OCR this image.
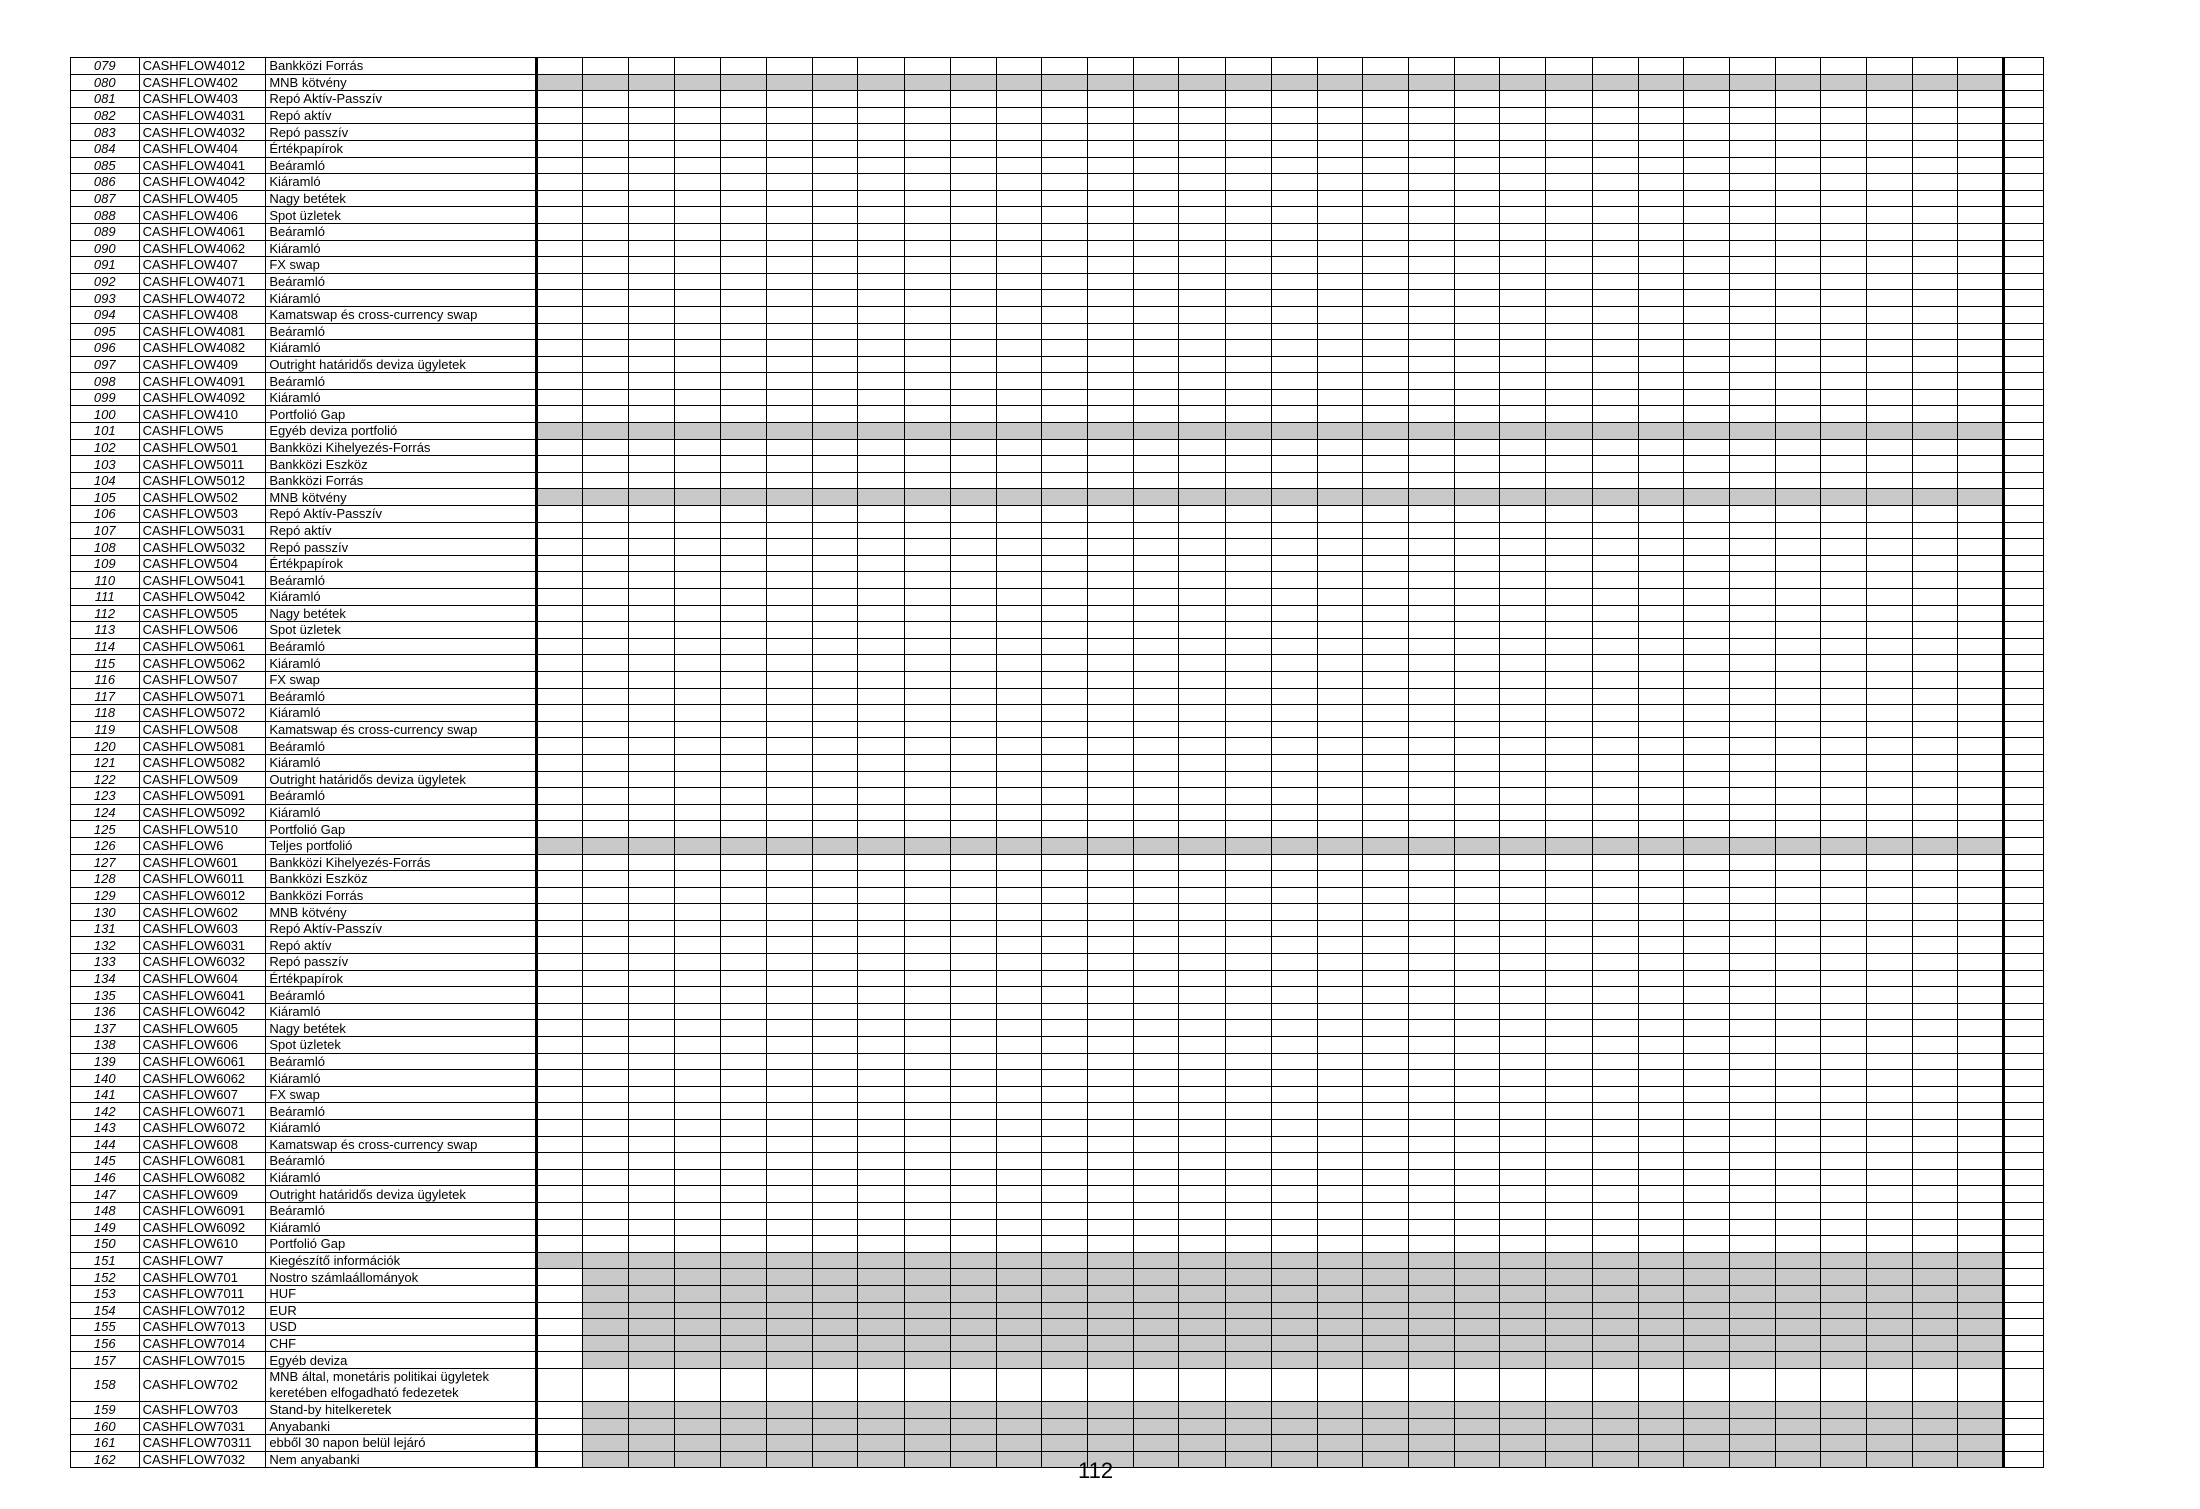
079	CASHFLOW4012	Bankközi Forrás																																	
080	CASHFLOW402	MNB kötvény																																	
081	CASHFLOW403	Repó Aktív-Passzív																																	
082	CASHFLOW4031	Repó aktív																																	
083	CASHFLOW4032	Repó passzív																																	
084	CASHFLOW404	Értékpapírok																																	
085	CASHFLOW4041	Beáramló																																	
086	CASHFLOW4042	Kiáramló																																	
087	CASHFLOW405	Nagy betétek																																	
088	CASHFLOW406	Spot üzletek																																	
089	CASHFLOW4061	Beáramló																																	
090	CASHFLOW4062	Kiáramló																																	
091	CASHFLOW407	FX swap																																	
092	CASHFLOW4071	Beáramló																																	
093	CASHFLOW4072	Kiáramló																																	
094	CASHFLOW408	Kamatswap és cross-currency swap																																	
095	CASHFLOW4081	Beáramló																																	
096	CASHFLOW4082	Kiáramló																																	
097	CASHFLOW409	Outright határidős deviza ügyletek																																	
098	CASHFLOW4091	Beáramló																																	
099	CASHFLOW4092	Kiáramló																																	
100	CASHFLOW410	Portfolió Gap																																	
101	CASHFLOW5	Egyéb deviza portfolió																																	
102	CASHFLOW501	Bankközi Kihelyezés-Forrás																																	
103	CASHFLOW5011	Bankközi Eszköz																																	
104	CASHFLOW5012	Bankközi Forrás																																	
105	CASHFLOW502	MNB kötvény																																	
106	CASHFLOW503	Repó Aktív-Passzív																																	
107	CASHFLOW5031	Repó aktív																																	
108	CASHFLOW5032	Repó passzív																																	
109	CASHFLOW504	Értékpapírok																																	
110	CASHFLOW5041	Beáramló																																	
111	CASHFLOW5042	Kiáramló																																	
112	CASHFLOW505	Nagy betétek																																	
113	CASHFLOW506	Spot üzletek																																	
114	CASHFLOW5061	Beáramló																																	
115	CASHFLOW5062	Kiáramló																																	
116	CASHFLOW507	FX swap																																	
117	CASHFLOW5071	Beáramló																																	
118	CASHFLOW5072	Kiáramló																																	
119	CASHFLOW508	Kamatswap és cross-currency swap																																	
120	CASHFLOW5081	Beáramló																																	
121	CASHFLOW5082	Kiáramló																																	
122	CASHFLOW509	Outright határidős deviza ügyletek																																	
123	CASHFLOW5091	Beáramló																																	
124	CASHFLOW5092	Kiáramló																																	
125	CASHFLOW510	Portfolió Gap																																	
126	CASHFLOW6	Teljes portfolió																																	
127	CASHFLOW601	Bankközi Kihelyezés-Forrás																																	
128	CASHFLOW6011	Bankközi Eszköz																																	
129	CASHFLOW6012	Bankközi Forrás																																	
130	CASHFLOW602	MNB kötvény																																	
131	CASHFLOW603	Repó Aktív-Passzív																																	
132	CASHFLOW6031	Repó aktív																																	
133	CASHFLOW6032	Repó passzív																																	
134	CASHFLOW604	Értékpapírok																																	
135	CASHFLOW6041	Beáramló																																	
136	CASHFLOW6042	Kiáramló																																	
137	CASHFLOW605	Nagy betétek																																	
138	CASHFLOW606	Spot üzletek																																	
139	CASHFLOW6061	Beáramló																																	
140	CASHFLOW6062	Kiáramló																																	
141	CASHFLOW607	FX swap																																	
142	CASHFLOW6071	Beáramló																																	
143	CASHFLOW6072	Kiáramló																																	
144	CASHFLOW608	Kamatswap és cross-currency swap																																	
145	CASHFLOW6081	Beáramló																																	
146	CASHFLOW6082	Kiáramló																																	
147	CASHFLOW609	Outright határidős deviza ügyletek																																	
148	CASHFLOW6091	Beáramló																																	
149	CASHFLOW6092	Kiáramló																																	
150	CASHFLOW610	Portfolió Gap																																	
151	CASHFLOW7	Kiegészítő információk																																	
152	CASHFLOW701	Nostro számlaállományok																																	
153	CASHFLOW7011	HUF																																	
154	CASHFLOW7012	EUR																																	
155	CASHFLOW7013	USD																																	
156	CASHFLOW7014	CHF																																	
157	CASHFLOW7015	Egyéb deviza																																	
158	CASHFLOW702	MNB által, monetáris politikai ügyletek keretében elfogadható fedezetek																																	
159	CASHFLOW703	Stand-by hitelkeretek																																	
160	CASHFLOW7031	Anyabanki																																	
161	CASHFLOW70311	ebből 30 napon belül lejáró																																	
162	CASHFLOW7032	Nem anyabanki																																		112
